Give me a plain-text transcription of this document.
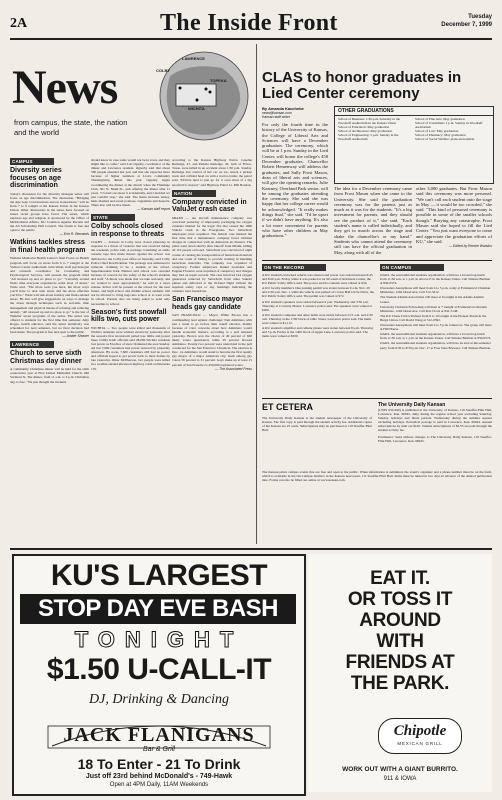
2A	The Inside Front	Tuesday
December 7, 1999
News
from campus, the state, the nation and the world
LAWRENCE
WICHITA
COLBY
TOPEKA
CAMPUS
Diversity series focuses on age discrimination
Today's discussion for the diversity dialogue series will focus on age discrimination. The discussion, "Bridging the Age Gap: Conversations Across Generations," will be from 7 to 9 tonight at the Kansas Union in the Kansas Union. Other discussions in the series have focused on issues racial groups have faced. The series, which explores age and religion, is sponsored by the Office of Multicultural Affairs, KU Coalition Against Racism and the All Scholarship Hall Council. The forum is free and open to the public.
— Erin R. Bernards
Watkins tackles stress in final health program
Watkins Memorial Health Center's final Focus on Health program will focus on stress from 6 to 7 tonight at the Visitors Center auditorium. John Wade, staff psychologist and outreach coordinator for Counseling and Psychological Services, will present the program titled "All stressed up and no place to go." "Certainly around finals time everyone experiences some level of stress," Wade said. "The more tools you have, the more ways you'll have to deal with stress and the more effective you'll be." Wade will talk about holiday and finals-related stress. He also will give suggestions on ways to manage the stress through techniques such as self-talk, time management and physical means of relaxing and reducing anxiety. "All stressed up and no place to go" is the last of Watkins' seven programs of the series. The series was offered to students for the first time this semester. Amy Roppe, health educator, said the series tentatively was scheduled for next semester, but no final decision had been made. The program is free and open to the public.
— Amber Shower
LAWRENCE
Church to serve sixth Christmas day dinner
A community Christmas dinner will be held for the sixth consecutive year at First United Methodist Church, 946 Vermont St. The dinner, from 11 a.m. to 3 p.m. Christmas day, is free. "We just thought the students
should know in case some would not be in town, and they might like to come," said Lori Ogesby, coordinator of the dinner and Lawrence resident. Oglesby said that about 500 people attended last year and that she expected more because of higher numbers at Lion's community Thanksgiving dinner this year. Oglesby began coordinating the dinner at the church when the Flamingo Club, 501 N. Ninth St., quit offering the dinner after 11 years. "I found out about it accidentally, and I decided we just couldn't stop," she said. The menu includes turkey, ham, mashed and sweet potatoes, vegetables and desserts. There also will be live music.
— Kansan staff report
STATE
Colby schools closed in response to threats
COLBY — Schools in Colby were closed yesterday in response to a threat of violence that was received during the weekend, police said. A package containing an audio cassette tape that made threats against the school was delivered to the Colby post office on Saturday, said Colby Police Chief Ron Pickman. The package was addressed to someone claiming to be a student at the school. Superintendent Kirk Nielsen said school was canceled because of concern for the safety of the school's students and staff. "A threat was made that we take seriously, and we wanted to react appropriately," he said in a news release. Police will be present at the school for the near future, and high school and middle school students will not be allowed to bring bags into school or to wear coats in school. Parents also are being asked to send only necessities to school.
Season's first snowfall kills two, cuts power
WICHITA — Two people were killed and thousands of Wichita residents were without electricity yesterday after the season's first snowstorm pelted tree limbs and power lines. Utility KGE officials said 28,000 Wichita residents lost power as 8 inches of snow blanketed the area Sunday. All but 7,600 customers had power restored by yesterday afternoon. By noon, 7,600 customers still had no power and officials hoped to get power back to most homes by late yesterday. Omar McPherson, two people were killed in a weather-related afternoon highway crash on Interstate 135.
according to the Kansas Highway Patrol. Graeme Rutledge, 47, and Pamela Rutledge, 45, both of Frisco, Texas, were killed in an accident about 1:30 p.m. Sunday. Rutledge lost control of her car on ice, struck a pickup truck and collided head on with a tractor-trailer, the patrol said. "Drivers tend to just go for it once most of a big snowfall is cleared," said Highway Patrol Lt. Phil Bostian.
NATION
Company convicted in ValuJet crash case
MIAMI — An aircraft maintenance company was convicted yesterday of improperly packaging the oxygen canisters blamed for the tragic fire that caused the 1996 ValuJet crash in the Everglades. Two SabreTech employees were acquitted. The federal case marked the first time that a maintenance company faced criminal charges in connection with an American air disaster. The plane went down shortly after takeoff from Miami, killing all 110 people on board. SabreTech was convicted of eight counts of causing the transportation of hazardous materials and one count of failing to provide training in handling hazardous materials. The company was acquitted of conspiracy. Former employees Daniel Gonzalez and Eugene Florence were acquitted of conspiracy and charges they lied on repair records. The case involved 144 oxygen generators removed by SabreTech from other ValuJet planes and delivered to the ill-fated flight without the required safety caps or any markings indicating the canisters were hazardous.
San Francisco mayor heads gay candidate
SAN FRANCISCO — Mayor Willie Brown has a commanding lead against challenger Tom Ammiano with just a week to go before their runoff election, mainly because of voter concerns about how Ammiano would handle economic matters, according to a poll released yesterday. Brown won the choice of 49 percent of 600 likely voters questioned, while 29 percent favored Ammiano. Twenty-two percent were undecided in the poll conducted for the San Francisco Chronicle. The election is Dec. 14. Ammiano would stand to become the first openly gay mayor of a major American city, leads among gay voters 59 percent to 31 percent. Gays make up at least 15 percent of San Francisco's 450,000 registered voters.
— The Associated Press
CLAS to honor graduates in Lied Center ceremony
By Amanda Kacchebe
news@kansan.com
Kansan staff writer
For only the fourth time in the history of the University of Kansas, the College of Liberal Arts and Sciences will have a December graduation. The ceremony, which will be at 1 p.m. Sunday in the Lied Center, will honor the college's 458 December graduates. Chancellor Robert Hemenway will address the graduates, and Sally Frost Mason, dean of liberal arts and sciences, will give the opening remarks. Julie Kearney, Overland Park senior, will be among the graduates attending the ceremony. She said she was happy that her college career would be acknowledged. "It really makes things final," she said. "I'd be upset if we didn't have anything. It's also a lot more convenient for parents who have other children in May graduations."
OTHER GRADUATIONS
School of Business: 1:30 p.m. Saturday in the Woodruff Auditorium in the Kansas Union
School of Education: May graduation
School of Architecture: May graduation
School of Engineering: 5 p.m. Sunday in the Woodruff Auditorium
School of Fine Arts: May graduation
School of Journalism: 1 p.m. Sunday in Woodruff Auditorium
School of Law: May graduation
School of Pharmacy: May graduation
School of Social Welfare: plans unavailable
The idea for a December ceremony came from Frost Mason when she came to the University. She said the graduation ceremony was for the parents just as much as it was for the students. "It's a big investment for parents, and they should see the product of it," she said. "Each student's name is called individually, and they get to march across the stage and shake the chancellor's or my hand." Students who cannot attend the ceremony still can have the official graduation in May, along with all of the
other 3,000 graduates. But Frost Mason said this ceremony was more personal. "We can't call each student onto the stage in May — it would be too crowded," she said. "This kind of personal ceremony is possible in some of the smaller schools though." Burying any catastrophe, Frost Mason said she hoped to fill the Lied Center. "You just want everyone to come and appreciate the graduation efforts of KU," she said.
— Edited by Rennie Warkins
ON THE RECORD
A KU student's unlocked vehicle was entered and power was stolen between 6:45 and 8:20 p.m. Friday while it was parked at lot 90 south of Robinson Center, the KU Public Safety Office said. The power and its contents were valued at $30.
A KU faculty member's blue parking permit was stolen between 9 a.m. Nov. 29 and 2:30 p.m. Dec. 1 while his vehicle was parked at Crown Hall Circle Drive, the KU Public Safety Office said. The permit was valued at $72.
A KU student's speakers were stolen between 9 p.m. Wednesday and 3:30 a.m. Thursday at Coventry Manor, Lawrence police said. The speakers were valued at $200.
A KU student's computer and other items were stolen between 2:15 a.m. and 2:30 a.m. Thursday at the 1700 block of Ohio Street, Lawrence police said. The items were valued at $1,112.
A KU student's amplifier and cellular phone were stolen between 8 p.m. Thursday and 5 p.m. Friday at the 1400 block of Apple Lane, Lawrence police said. The items were valued at $500.
ON CAMPUS
OAKS, the nontraditional students organization, will have a brown bag lunch from 11:30 a.m. to 1 p.m. in Alcove E in the Kansas Union. Call Simone Berman at 830-0574.
Overeaters Anonymous will meet from 4 to 5 p.m. today at Ecumenical Christian Ministries, 1204 Oread Ave. Call 312-3412.
The Student Alumni Association will meet at 6 tonight at the Adams Alumni Center.
University Christian Fellowship will meet at 7 tonight at Ecumenical Christian Ministries, 1204 Oread Ave. Call Rob Clock at 841-5148.
The KU Chess Club will meet from 6 to 10 tonight at the Pioneer Room in the Burge Union. Call David Wang at 312-0392.
Overeaters Anonymous will meet from 4 to 5 p.m. tomorrow. The group will meet at Hill House.
OAKS, the nontraditional students organization, will have a brown bag lunch from 11:30 a.m. to 1 p.m. in the Kansas Union. Call Simone Berman at 830-0574.
OAKS, the nontraditional students organization, will have an end-of-the-semester party from 6:30 to 8:30 p.m. Dec. 17 at Free State Brewery. Call Simone Berman.
ET CETERA
The University Daily Kansan is the student newspaper of the University of Kansas. The first copy is paid through the student activity fee. Additional copies of the Kansan are 25 cents. Subscriptions may be purchased at 119 Stauffer-Flint Hall.
The University Daily Kansan
(USPS 650-640) is published at the University of Kansas, 119 Stauffer-Flint Hall, Lawrence, Kan. 66045, daily during the regular school year excluding Saturday, Sunday, holidays and finals periods. Wednesday during the summer session excluding holidays. Periodical postage is paid in Lawrence, Kan. 66044. Annual subscriptions by mail are $120. Student subscriptions of $2.55 are paid through the student activity fee.
Postmaster: Send address changes to The University Daily Kansan, 119 Stauffer-Flint Hall, Lawrence, Kan. 66045.
The Kansan prints campus events that are free and open to the public. When information is submitted, the event's organizer and a phone number must be on the form, which is available in the On Campus mailbox in the Kansan newsroom, 111 Stauffer-Flint Hall. Items must be turned in two days in advance of the desired publication date. Forms can also be filled out online at www.kansan.com.
KU'S LARGEST
STOP DAY EVE BASH
TONIGHT
$1.50 U-CALL-IT
DJ, Drinking & Dancing
JACK FLANIGANS
Bar & Grill
18 To Enter - 21 To Drink
Just off 23rd behind McDonald's - 749-Hawk
Open at 4PM Daily, 11AM Weekends
EAT IT.
OR TOSS IT
AROUND
WITH
FRIENDS AT
THE PARK.
Chipotle
MEXICAN GRILL
WORK OUT WITH A GIANT BURRITO.
911 & IOWA
